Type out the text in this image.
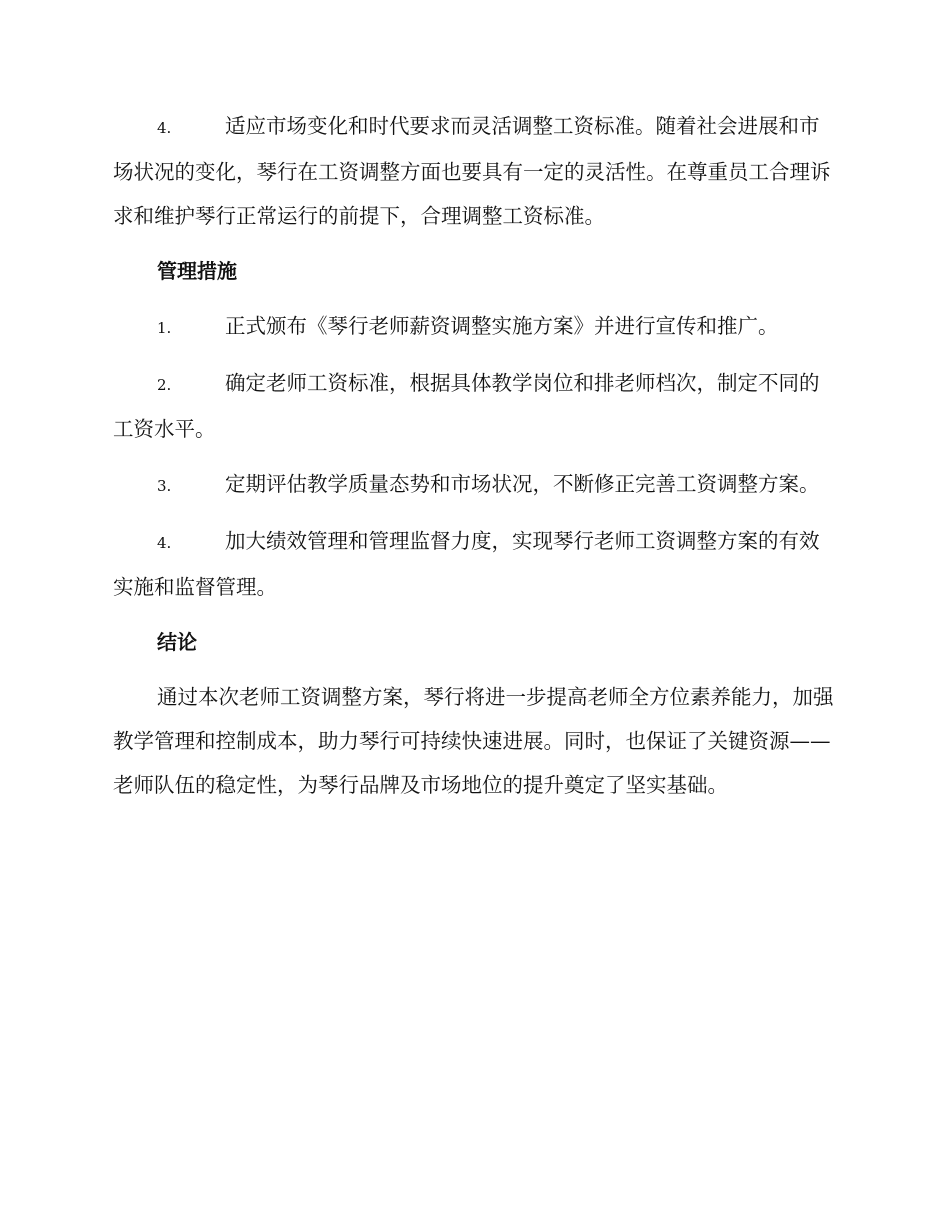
4.	适应市场变化和时代要求而灵活调整工资标准。随着社会进展和市场状况的变化，琴行在工资调整方面也要具有一定的灵活性。在尊重员工合理诉求和维护琴行正常运行的前提下，合理调整工资标准。

管理措施

1.	正式颁布《琴行老师薪资调整实施方案》并进行宣传和推广。

2.	确定老师工资标准，根据具体教学岗位和排老师档次，制定不同的工资水平。

3.	定期评估教学质量态势和市场状况，不断修正完善工资调整方案。

4.	加大绩效管理和管理监督力度，实现琴行老师工资调整方案的有效实施和监督管理。

结论

通过本次老师工资调整方案，琴行将进一步提高老师全方位素养能力，加强教学管理和控制成本，助力琴行可持续快速进展。同时，也保证了关键资源——老师队伍的稳定性，为琴行品牌及市场地位的提升奠定了坚实基础。
